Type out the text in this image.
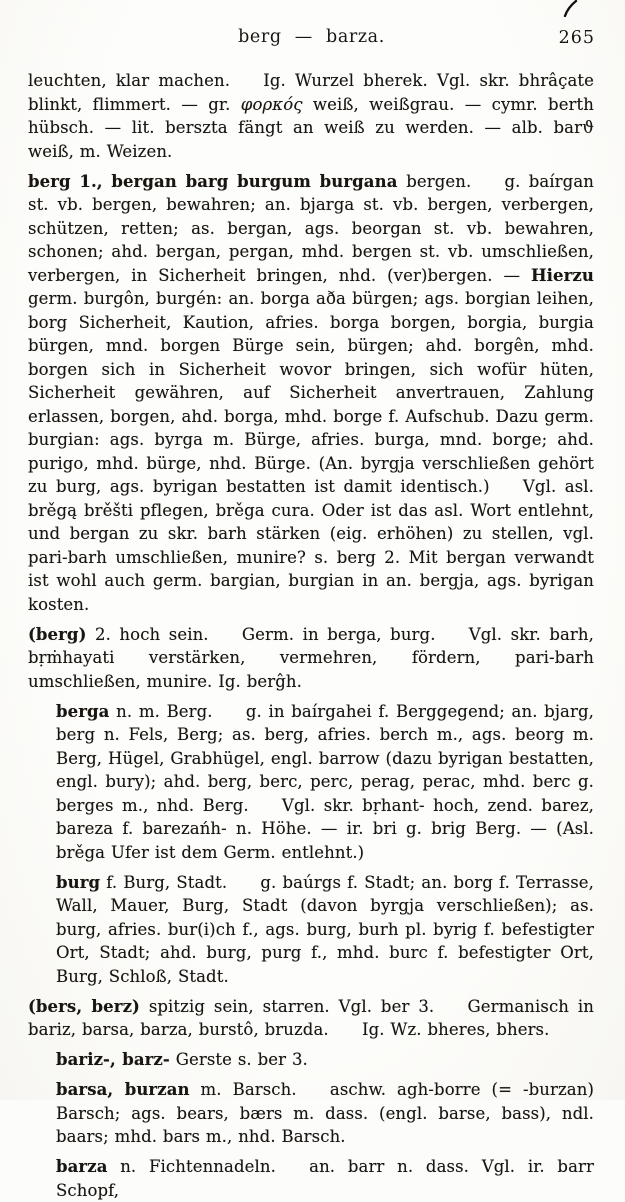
berg — barza.	265

leuchten, klar machen.  Ig. Wurzel bherek. Vgl. skr. bhrâçate blinkt, flimmert. — gr. φορκός weiß, weißgrau. — cymr. berth hübsch. — lit. berszta fängt an weiß zu werden. — alb. barϑ weiß, m. Weizen.

berg 1., bergan barg burgum burgana bergen.  g. baírgan st. vb. bergen, bewahren; an. bjarga st. vb. bergen, verbergen, schützen, retten; as. bergan, ags. beorgan st. vb. bewahren, schonen; ahd. bergan, pergan, mhd. bergen st. vb. umschließen, verbergen, in Sicherheit bringen, nhd. (ver)bergen. — Hierzu germ. burgôn, burgén: an. borga aða bürgen; ags. borgian leihen, borg Sicherheit, Kaution, afries. borga borgen, borgia, burgia bürgen, mnd. borgen Bürge sein, bürgen; ahd. borgên, mhd. borgen sich in Sicherheit wovor bringen, sich wofür hüten, Sicherheit gewähren, auf Sicherheit anvertrauen, Zahlung erlassen, borgen, ahd. borga, mhd. borge f. Aufschub. Dazu germ. burgian: ags. byrga m. Bürge, afries. burga, mnd. borge; ahd. purigo, mhd. bürge, nhd. Bürge. (An. byrgja verschließen gehört zu burg, ags. byrigan bestatten ist damit identisch.)  Vgl. asl. brěgą brěšti pflegen, brěga cura. Oder ist das asl. Wort entlehnt, und bergan zu skr. barh stärken (eig. erhöhen) zu stellen, vgl. pari-barh umschließen, munire? s. berg 2. Mit bergan verwandt ist wohl auch germ. bargian, burgian in an. bergja, ags. byrigan kosten.

(berg) 2. hoch sein.  Germ. in berga, burg.  Vgl. skr. barh, bṛṁhayati verstärken, vermehren, fördern, pari-barh umschließen, munire. Ig. berĝh.

berga n. m. Berg.  g. in baírgahei f. Berggegend; an. bjarg, berg n. Fels, Berg; as. berg, afries. berch m., ags. beorg m. Berg, Hügel, Grabhügel, engl. barrow (dazu byrigan bestatten, engl. bury); ahd. berg, berc, perc, perag, perac, mhd. berc g. berges m., nhd. Berg.  Vgl. skr. bṛhant- hoch, zend. barez, bareza f. barezańh- n. Höhe. — ir. bri g. brig Berg. — (Asl. brěga Ufer ist dem Germ. entlehnt.)

burg f. Burg, Stadt.  g. baúrgs f. Stadt; an. borg f. Terrasse, Wall, Mauer, Burg, Stadt (davon byrgja verschließen); as. burg, afries. bur(i)ch f., ags. burg, burh pl. byrig f. befestigter Ort, Stadt; ahd. burg, purg f., mhd. burc f. befestigter Ort, Burg, Schloß, Stadt.

(bers, berz) spitzig sein, starren. Vgl. ber 3.  Germanisch in bariz, barsa, barza, burstô, bruzda.  Ig. Wz. bheres, bhers.

bariz-, barz- Gerste s. ber 3.

barsa, burzan m. Barsch.  aschw. agh-borre (= -burzan) Barsch; ags. bears, bærs m. dass. (engl. barse, bass), ndl. baars; mhd. bars m., nhd. Barsch.

barza n. Fichtennadeln.  an. barr n. dass. Vgl. ir. barr Schopf,
